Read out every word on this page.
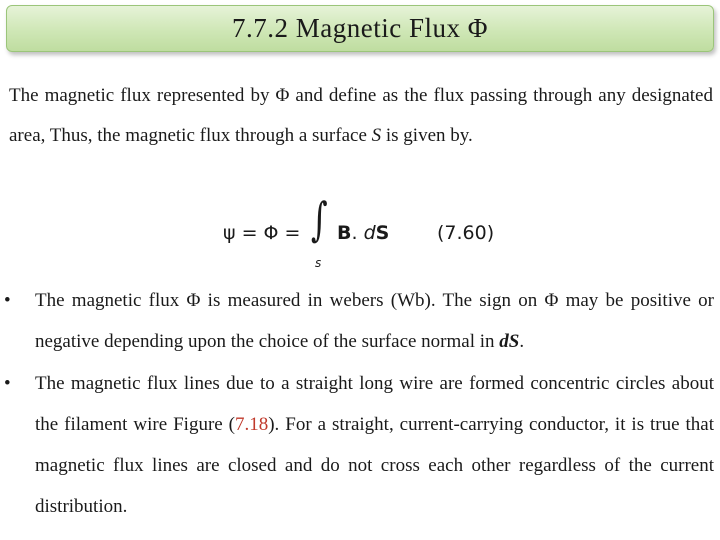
7.7.2 Magnetic Flux Φ
The magnetic flux represented by Φ and define as the flux passing through any designated area, Thus, the magnetic flux through a surface S is given by.
ψ = Φ = ∫
s
B. dS	(7.60)
•	The magnetic flux Φ is measured in webers (Wb). The sign on Φ may be positive or negative depending upon the choice of the surface normal in dS.
•	The magnetic flux lines due to a straight long wire are formed concentric circles about the filament wire Figure (7.18). For a straight, current-carrying conductor, it is true that magnetic flux lines are closed and do not cross each other regardless of the current distribution.
